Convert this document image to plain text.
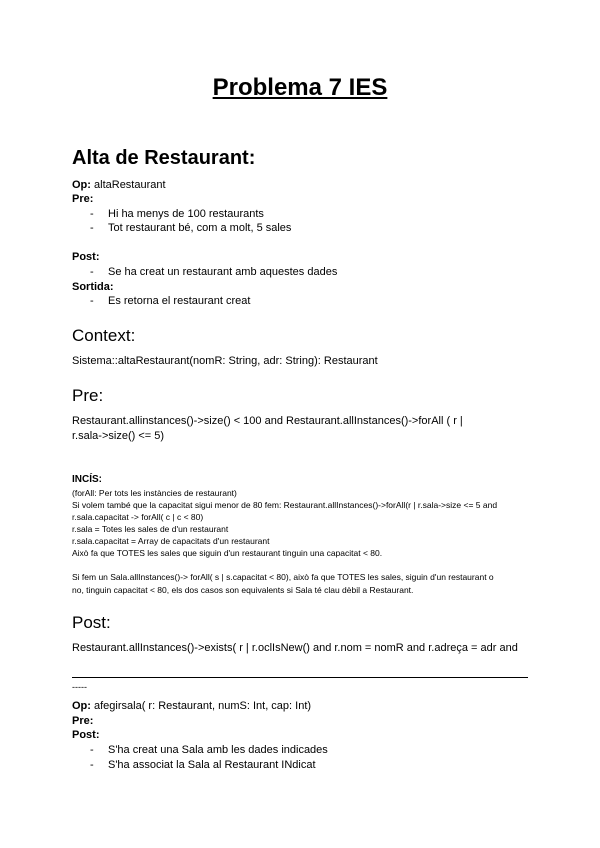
Problema 7 IES
Alta de Restaurant:
Op: altaRestaurant
Pre:
- Hi ha menys de 100 restaurants
- Tot restaurant bé, com a molt, 5 sales
Post:
- Se ha creat un restaurant amb aquestes dades
Sortida:
- Es retorna el restaurant creat
Context:
Sistema::altaRestaurant(nomR: String, adr: String): Restaurant
Pre:
Restaurant.allinstances()->size() < 100 and Restaurant.allInstances()->forAll ( r |
r.sala->size() <= 5)
INCÍS:
(forAll: Per tots les instàncies de restaurant)
Si volem també que la capacitat sigui menor de 80 fem: Restaurant.allInstances()->forAll(r | r.sala->size <= 5 and
r.sala.capacitat -> forAll( c | c < 80)
r.sala = Totes les sales de d'un restaurant
r.sala.capacitat = Array de capacitats d'un restaurant
Això fa que TOTES les sales que siguin d'un restaurant tinguin una capacitat < 80.
Si fem un Sala.allInstances()-> forAll( s | s.capacitat < 80), això fa que TOTES les sales, siguin d'un restaurant o
no, tinguin capacitat < 80, els dos casos son equivalents si Sala té clau dèbil a Restaurant.
Post:
Restaurant.allInstances()->exists( r | r.oclIsNew() and r.nom = nomR and r.adreça = adr and
-----
Op: afegirsala( r: Restaurant, numS: Int, cap: Int)
Pre:
Post:
- S'ha creat una Sala amb les dades indicades
- S'ha associat la Sala al Restaurant INdicat
